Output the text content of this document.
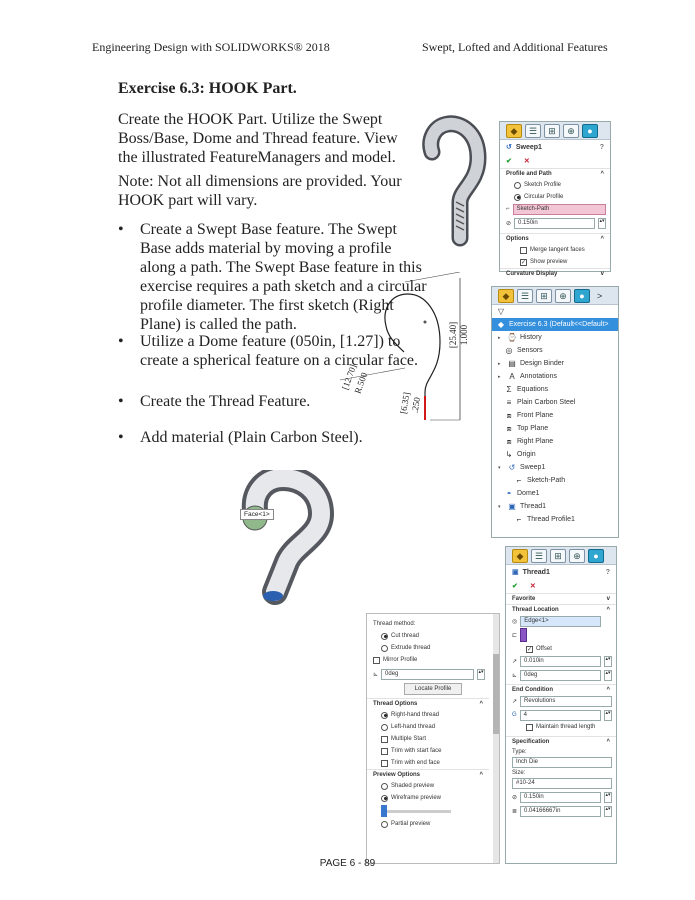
Engineering Design with SOLIDWORKS® 2018	Swept, Lofted and Additional Features
Exercise 6.3: HOOK Part.
Create the HOOK Part. Utilize the Swept Boss/Base, Dome and Thread feature. View the illustrated FeatureManagers and model.
Note: Not all dimensions are provided. Your HOOK part will vary.
• Create a Swept Base feature. The Swept Base adds material by moving a profile along a path. The Swept Base feature in this exercise requires a path sketch and a circular profile diameter. The first sketch (Right Plane) is called the path.
• Utilize a Dome feature (050in, [1.27]) to create a spherical feature on a circular face.
• Create the Thread Feature.
• Add material (Plain Carbon Steel).
[25.40] 1.000
[12.70]
R.500
[6.35]
.250
Face<1>
◆	☰	⊞	⊕	●
↺ Sweep1	?
✔ ✕
Profile and Path	^
Sketch Profile
Circular Profile
⌐	Sketch-Path
⊘	0.150in	▴▾
Options	^
Merge tangent faces
✓ Show preview
Curvature Display	v
◆	☰	⊞	⊕	●	>
▽
◆ Exercise 6.3 (Default<<Default>
▸ ⌚ History
◎ Sensors
▸ ▤ Design Binder
▸	A Annotations
Σ Equations
≡ Plain Carbon Steel
⧈ Front Plane
⧈ Top Plane
⧈ Right Plane
↳ Origin
▾	↺ Sweep1
⌐ Sketch-Path
◓ Dome1
▾ ▣ Thread1
⌐ Thread Profile1
◆	☰	⊞	⊕	●
▣ Thread1	?
✔ ✕
Favorite	v
Thread Location	^
◎	Edge<1>
⊏
✓ Offset
↗	0.010in	▴▾
⊾	0deg	▴▾
End Condition	^
↗	Revolutions
G	4	▴▾
Maintain thread length
Specification	^
Type:
Inch Die
Size:
#10-24
⊘	0.150in	▴▾
≣	0.04166667in	▴▾
Thread method:
Cut thread
Extrude thread
Mirror Profile
⊾	0deg	▴▾
Locate Profile
Thread Options	^
Right-hand thread
Left-hand thread
Multiple Start
Trim with start face
Trim with end face
Preview Options	^
Shaded preview
Wireframe preview
Partial preview
PAGE 6 - 89
